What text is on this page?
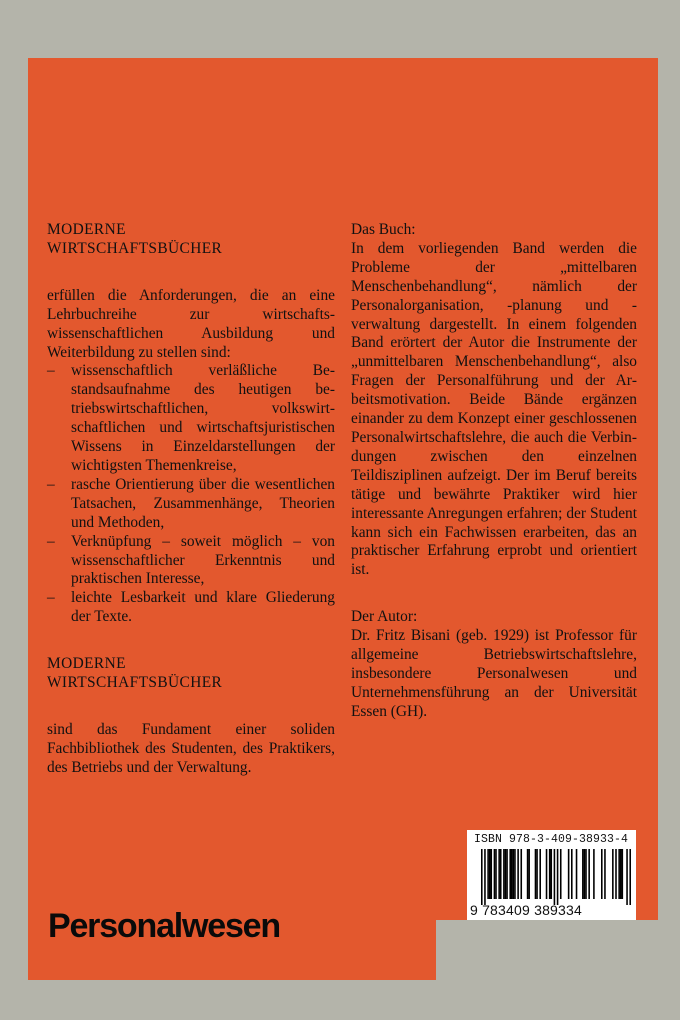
MODERNE
WIRTSCHAFTSBÜCHER

erfüllen die Anforderungen, die an eine Lehrbuchreihe zur wirtschaftswissenschaftlichen Ausbildung und Weiterbildung zu stellen sind:

– wissenschaftlich verläßliche Bestandsaufnahme des heutigen betriebswirtschaftlichen, volkswirtschaftlichen und wirtschaftsjuristischen Wissens in Einzeldarstellungen der wichtigsten Themenkreise,
– rasche Orientierung über die wesentlichen Tatsachen, Zusammenhänge, Theorien und Methoden,
– Verknüpfung – soweit möglich – von wissenschaftlicher Erkenntnis und praktischen Interesse,
– leichte Lesbarkeit und klare Gliederung der Texte.
MODERNE
WIRTSCHAFTSBÜCHER

sind das Fundament einer soliden Fachbibliothek des Studenten, des Praktikers, des Betriebs und der Verwaltung.

Das Buch:

In dem vorliegenden Band werden die Probleme der „mittelbaren Menschenbehandlung“, nämlich der Personalorganisation, -planung und -verwaltung dargestellt. In einem folgenden Band erörtert der Autor die Instrumente der „unmittelbaren Menschenbehandlung“, also Fragen der Personalführung und der Arbeitsmotivation. Beide Bände ergänzen einander zu dem Konzept einer geschlossenen Personalwirtschaftslehre, die auch die Verbindungen zwischen den einzelnen Teildisziplinen aufzeigt. Der im Beruf bereits tätige und bewährte Praktiker wird hier interessante Anregungen erfahren; der Student kann sich ein Fachwissen erarbeiten, das an praktischer Erfahrung erprobt und orientiert ist.

Der Autor:

Dr. Fritz Bisani (geb. 1929) ist Professor für allgemeine Betriebswirtschaftslehre, insbesondere Personalwesen und Unternehmensführung an der Universität Essen (GH).

Personalwesen
ISBN 978-3-409-38933-4
9 783409 389334
